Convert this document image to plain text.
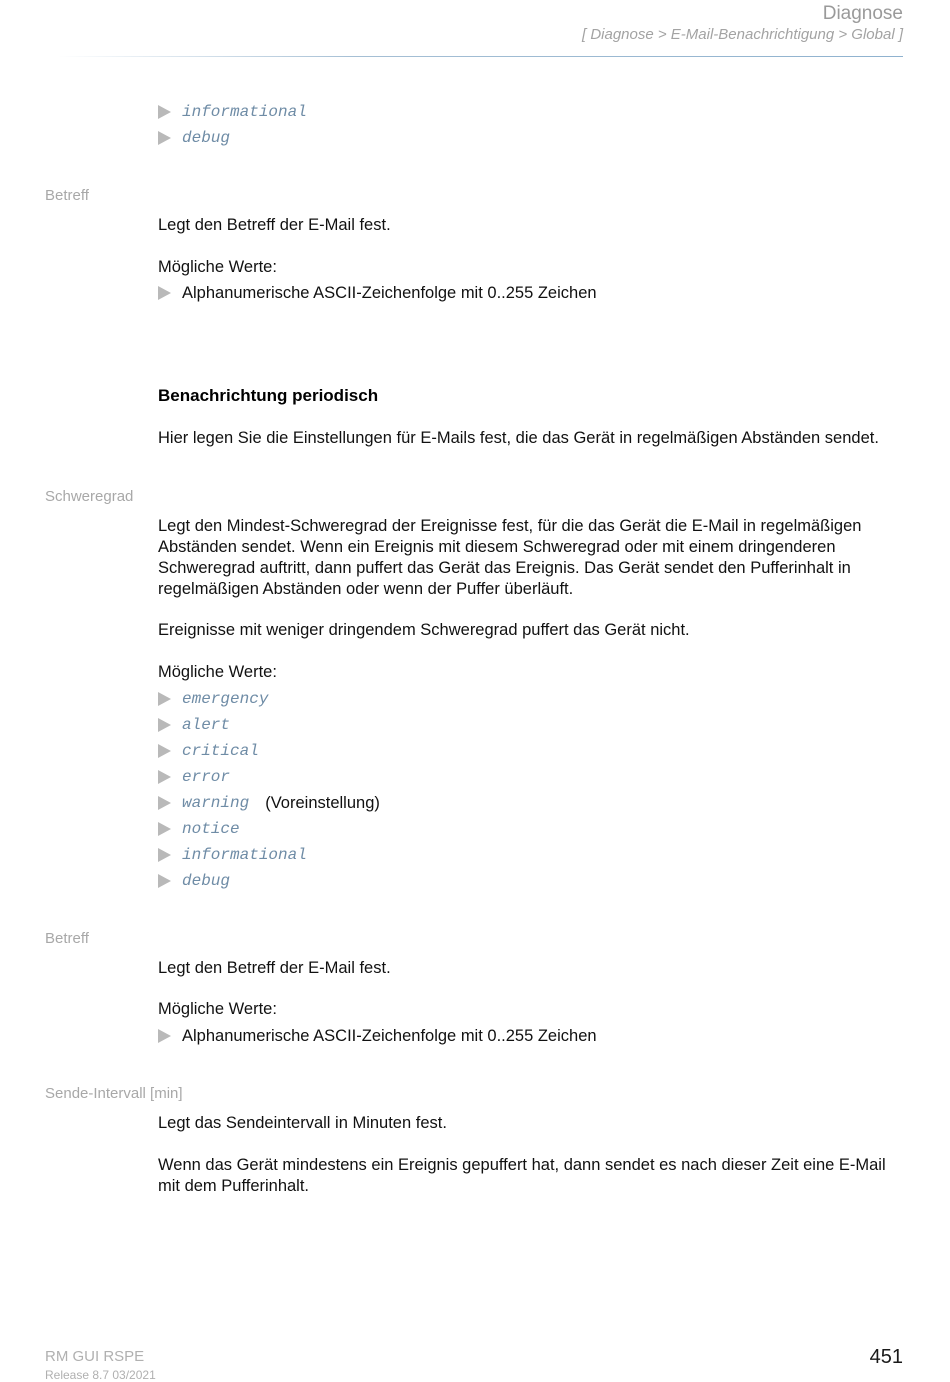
Diagnose
[ Diagnose > E-Mail-Benachrichtigung > Global ]
informational
debug
Betreff
Legt den Betreff der E-Mail fest.
Mögliche Werte:
Alphanumerische ASCII-Zeichenfolge mit 0..255 Zeichen
Benachrichtung periodisch
Hier legen Sie die Einstellungen für E-Mails fest, die das Gerät in regelmäßigen Abständen sendet.
Schweregrad
Legt den Mindest-Schweregrad der Ereignisse fest, für die das Gerät die E-Mail in regelmäßigen Abständen sendet. Wenn ein Ereignis mit diesem Schweregrad oder mit einem dringenderen Schweregrad auftritt, dann puffert das Gerät das Ereignis. Das Gerät sendet den Pufferinhalt in regelmäßigen Abständen oder wenn der Puffer überläuft.
Ereignisse mit weniger dringendem Schweregrad puffert das Gerät nicht.
Mögliche Werte:
emergency
alert
critical
error
warning (Voreinstellung)
notice
informational
debug
Betreff
Legt den Betreff der E-Mail fest.
Mögliche Werte:
Alphanumerische ASCII-Zeichenfolge mit 0..255 Zeichen
Sende-Intervall [min]
Legt das Sendeintervall in Minuten fest.
Wenn das Gerät mindestens ein Ereignis gepuffert hat, dann sendet es nach dieser Zeit eine E-Mail mit dem Pufferinhalt.
RM GUI RSPE
Release 8.7 03/2021
451
